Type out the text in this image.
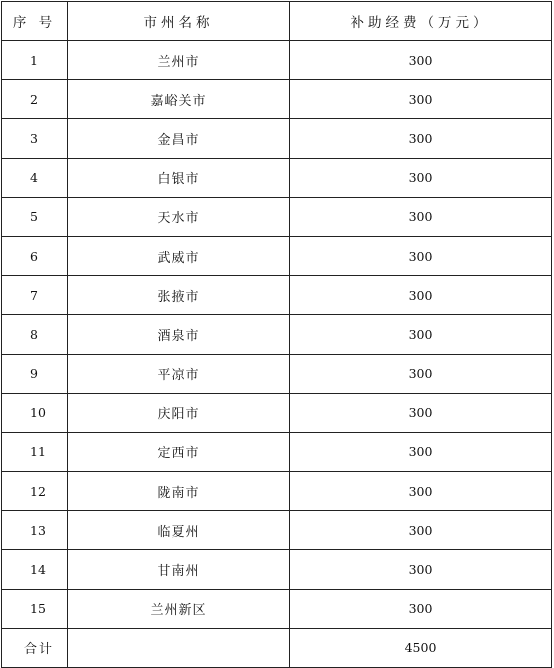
序 号	市州名称	补助经费（万元）
1	兰州市	300
2	嘉峪关市	300
3	金昌市	300
4	白银市	300
5	天水市	300
6	武威市	300
7	张掖市	300
8	酒泉市	300
9	平凉市	300
10	庆阳市	300
11	定西市	300
12	陇南市	300
13	临夏州	300
14	甘南州	300
15	兰州新区	300
合计		4500
